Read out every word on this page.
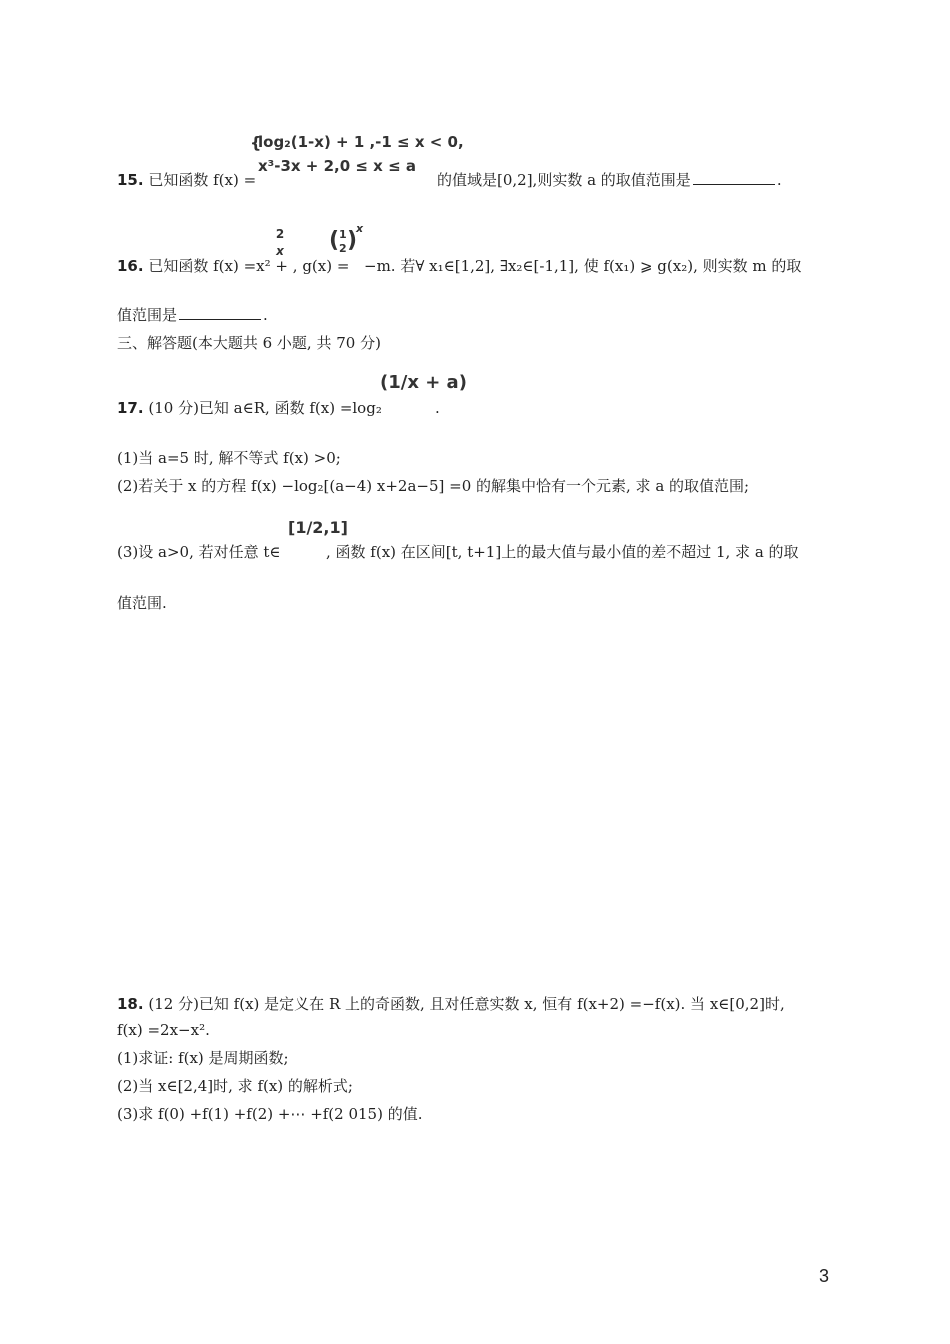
{
log₂(1-x) + 1 ,-1 ≤ x < 0,
x³-3x + 2,0 ≤ x ≤ a
15. 已知函数 f(x) =	的值域是[0,2],则实数 a 的取值范围是	.
2
x ( 1
2 )
x
16. 已知函数 f(x) =x² + , g(x) = −m. 若∀ x₁∈[1,2], ∃x₂∈[-1,1], 使 f(x₁) ⩾ g(x₂), 则实数 m 的取
值范围是	.
三、解答题(本大题共 6 小题, 共 70 分)
(1/x + a)
17. (10 分)已知 a∈R, 函数 f(x) =log₂	.
(1)当 a=5 时, 解不等式 f(x) >0;
(2)若关于 x 的方程 f(x) −log₂[(a−4) x+2a−5] =0 的解集中恰有一个元素, 求 a 的取值范围;
[1/2,1]
(3)设 a>0, 若对任意 t∈	, 函数 f(x) 在区间[t, t+1]上的最大值与最小值的差不超过 1, 求 a 的取
值范围.
18. (12 分)已知 f(x) 是定义在 R 上的奇函数, 且对任意实数 x, 恒有 f(x+2) =−f(x). 当 x∈[0,2]时,
f(x) =2x−x².
(1)求证: f(x) 是周期函数;
(2)当 x∈[2,4]时, 求 f(x) 的解析式;
(3)求 f(0) +f(1) +f(2) +⋯ +f(2 015) 的值.
3
